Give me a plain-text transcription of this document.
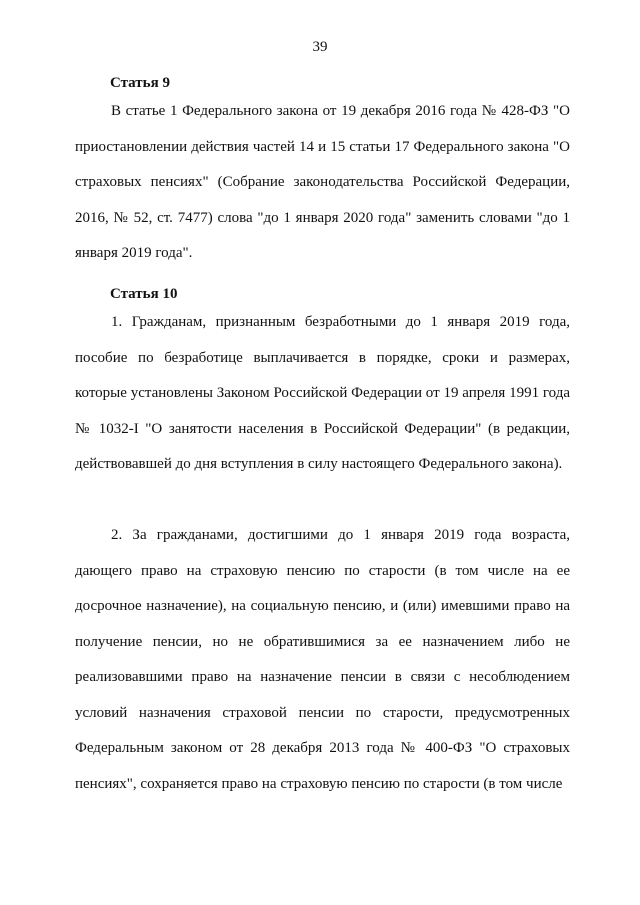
39
Статья 9

В статье 1 Федерального закона от 19 декабря 2016 года № 428-ФЗ "О приостановлении действия частей 14 и 15 статьи 17 Федерального закона "О страховых пенсиях" (Собрание законодательства Российской Федерации, 2016, № 52, ст. 7477) слова "до 1 января 2020 года" заменить словами "до 1 января 2019 года".

Статья 10

1. Гражданам, признанным безработными до 1 января 2019 года, пособие по безработице выплачивается в порядке, сроки и размерах, которые установлены Законом Российской Федерации от 19 апреля 1991 года № 1032-I "О занятости населения в Российской Федерации" (в редакции, действовавшей до дня вступления в силу настоящего Федерального закона).

2. За гражданами, достигшими до 1 января 2019 года возраста, дающего право на страховую пенсию по старости (в том числе на ее досрочное назначение), на социальную пенсию, и (или) имевшими право на получение пенсии, но не обратившимися за ее назначением либо не реализовавшими право на назначение пенсии в связи с несоблюдением условий назначения страховой пенсии по старости, предусмотренных Федеральным законом от 28 декабря 2013 года № 400-ФЗ "О страховых пенсиях", сохраняется право на страховую пенсию по старости (в том числе
